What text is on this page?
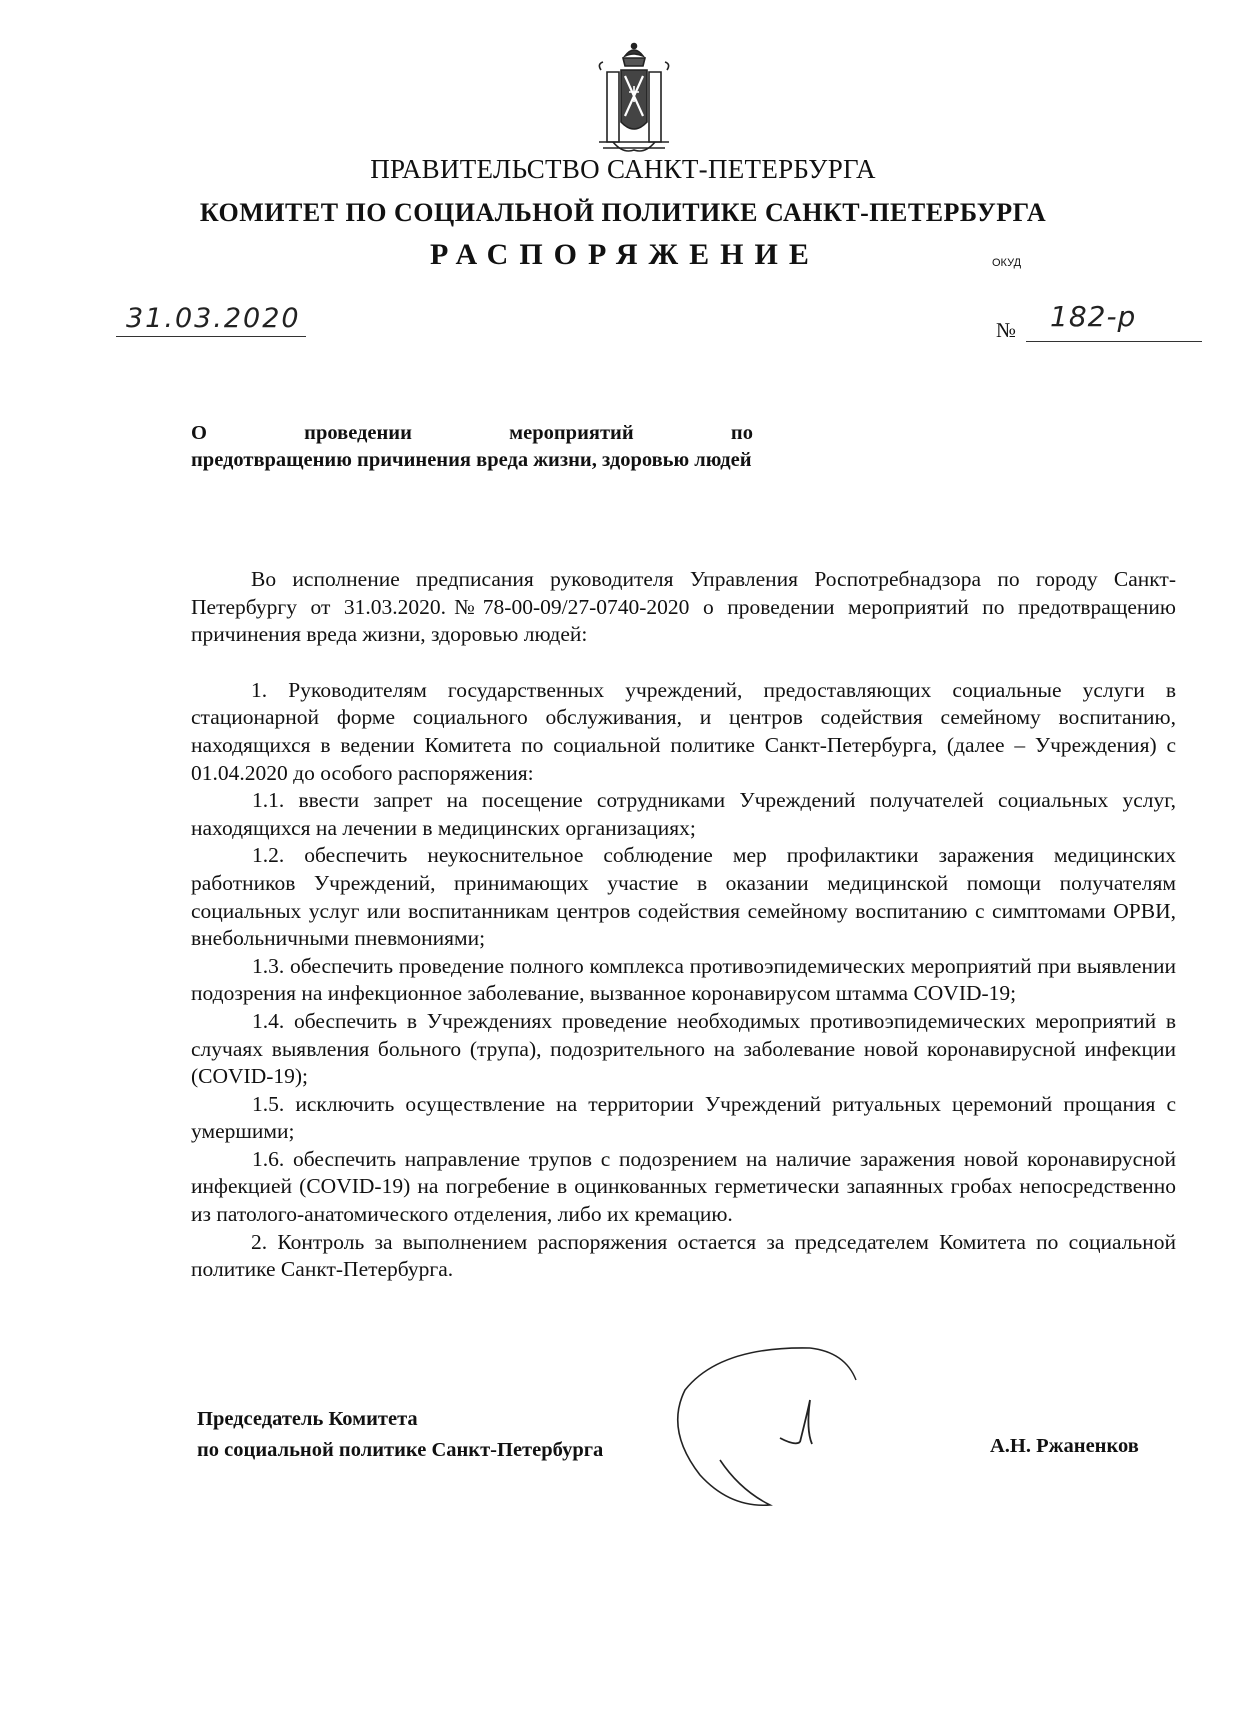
ПРАВИТЕЛЬСТВО САНКТ-ПЕТЕРБУРГА
КОМИТЕТ ПО СОЦИАЛЬНОЙ ПОЛИТИКЕ САНКТ-ПЕТЕРБУРГА
РАСПОРЯЖЕНИЕ	ОКУД
31.03.2020	№ 182-р
О	проведении	мероприятий	по
предотвращению причинения вреда жизни, здоровью людей

Во исполнение предписания руководителя Управления Роспотребнадзора по городу Санкт-Петербургу от 31.03.2020.№78-00-09/27-0740-2020 о проведении мероприятий по предотвращению причинения вреда жизни, здоровью людей:

1. Руководителям государственных учреждений, предоставляющих социальные услуги в стационарной форме социального обслуживания, и центров содействия семейному воспитанию, находящихся в ведении Комитета по социальной политике Санкт-Петербурга, (далее – Учреждения) с 01.04.2020 до особого распоряжения:

1.1. ввести запрет на посещение сотрудниками Учреждений получателей социальных услуг, находящихся на лечении в медицинских организациях;

1.2. обеспечить неукоснительное соблюдение мер профилактики заражения медицинских работников Учреждений, принимающих участие в оказании медицинской помощи получателям социальных услуг или воспитанникам центров содействия семейному воспитанию с симптомами ОРВИ, внебольничными пневмониями;

1.3. обеспечить проведение полного комплекса противоэпидемических мероприятий при выявлении подозрения на инфекционное заболевание, вызванное коронавирусом штамма COVID-19;

1.4. обеспечить в Учреждениях проведение необходимых противоэпидемических мероприятий в случаях выявления больного (трупа), подозрительного на заболевание новой коронавирусной инфекции (COVID-19);

1.5. исключить осуществление на территории Учреждений ритуальных церемоний прощания с умершими;

1.6. обеспечить направление трупов с подозрением на наличие заражения новой коронавирусной инфекцией (COVID-19) на погребение в оцинкованных герметически запаянных гробах непосредственно из патолого-анатомического отделения, либо их кремацию.

2. Контроль за выполнением распоряжения остается за председателем Комитета по социальной политике Санкт-Петербурга.

Председатель Комитета
по социальной политике Санкт-Петербурга	А.Н. Ржаненков
